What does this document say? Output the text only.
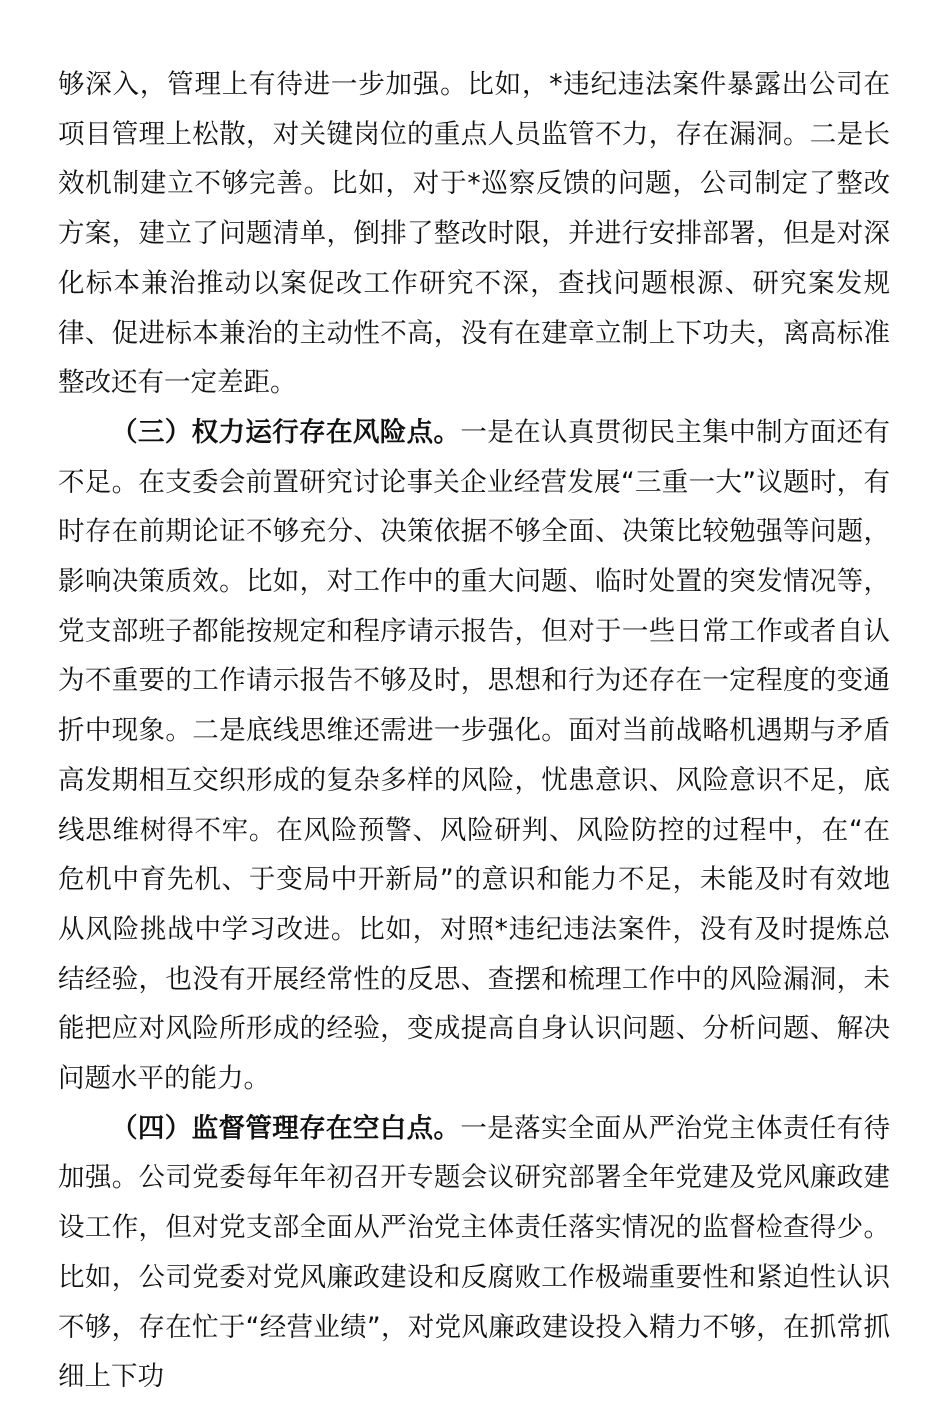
够深入，管理上有待进一步加强。比如，*违纪违法案件暴露出公司在项目管理上松散，对关键岗位的重点人员监管不力，存在漏洞。二是长效机制建立不够完善。比如，对于*巡察反馈的问题，公司制定了整改方案，建立了问题清单，倒排了整改时限，并进行安排部署，但是对深化标本兼治推动以案促改工作研究不深，查找问题根源、研究案发规律、促进标本兼治的主动性不高，没有在建章立制上下功夫，离高标准整改还有一定差距。

（三）权力运行存在风险点。一是在认真贯彻民主集中制方面还有不足。在支委会前置研究讨论事关企业经营发展“三重一大”议题时，有时存在前期论证不够充分、决策依据不够全面、决策比较勉强等问题，影响决策质效。比如，对工作中的重大问题、临时处置的突发情况等，党支部班子都能按规定和程序请示报告，但对于一些日常工作或者自认为不重要的工作请示报告不够及时，思想和行为还存在一定程度的变通折中现象。二是底线思维还需进一步强化。面对当前战略机遇期与矛盾高发期相互交织形成的复杂多样的风险，忧患意识、风险意识不足，底线思维树得不牢。在风险预警、风险研判、风险防控的过程中，在“在危机中育先机、于变局中开新局”的意识和能力不足，未能及时有效地从风险挑战中学习改进。比如，对照*违纪违法案件，没有及时提炼总结经验，也没有开展经常性的反思、查摆和梳理工作中的风险漏洞，未能把应对风险所形成的经验，变成提高自身认识问题、分析问题、解决问题水平的能力。

（四）监督管理存在空白点。一是落实全面从严治党主体责任有待加强。公司党委每年年初召开专题会议研究部署全年党建及党风廉政建设工作，但对党支部全面从严治党主体责任落实情况的监督检查得少。比如，公司党委对党风廉政建设和反腐败工作极端重要性和紧迫性认识不够，存在忙于“经营业绩”，对党风廉政建设投入精力不够，在抓常抓细上下功
